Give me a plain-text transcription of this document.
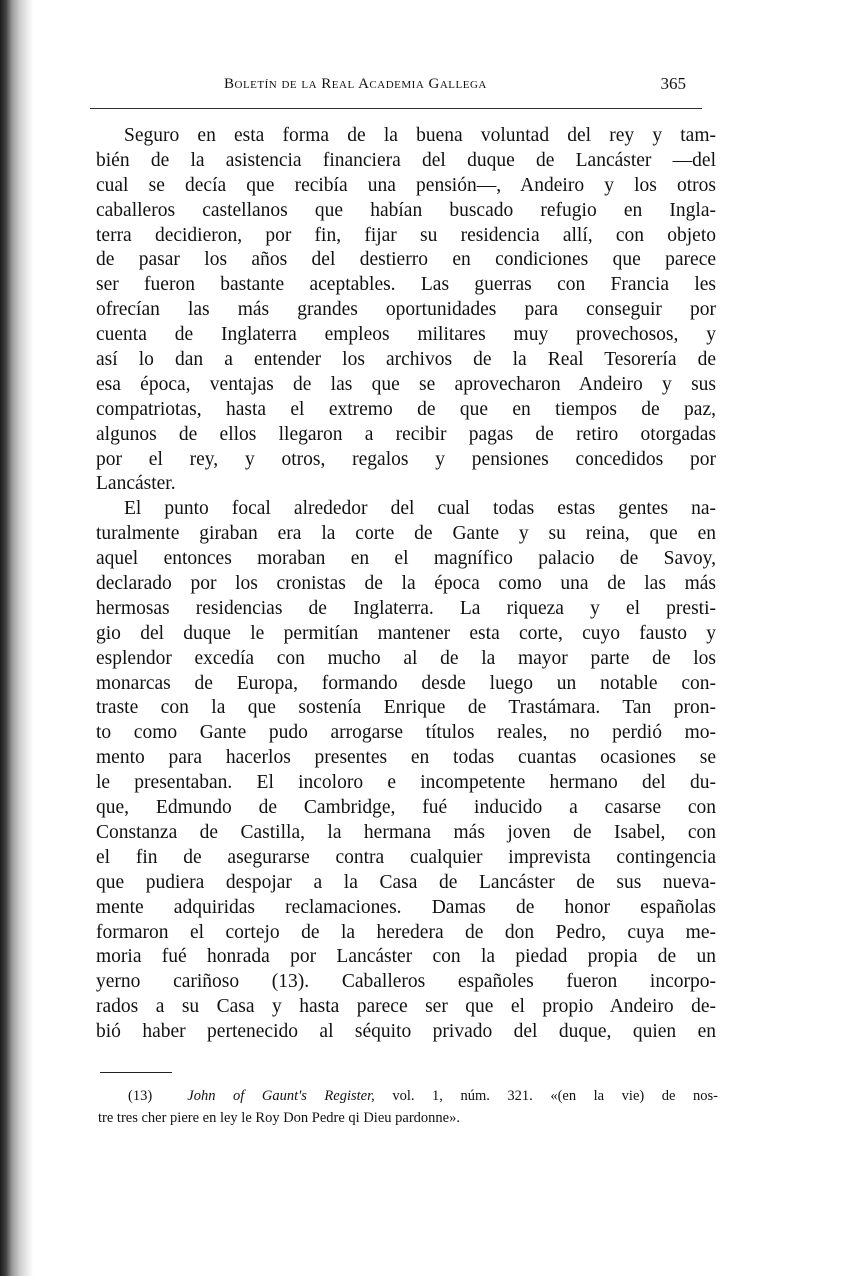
Boletín de la Real Academia Gallega	365
Seguro en esta forma de la buena voluntad del rey y tam-
bién de la asistencia financiera del duque de Lancáster —del
cual se decía que recibía una pensión—, Andeiro y los otros
caballeros castellanos que habían buscado refugio en Ingla-
terra decidieron, por fin, fijar su residencia allí, con objeto
de pasar los años del destierro en condiciones que parece
ser fueron bastante aceptables. Las guerras con Francia les
ofrecían las más grandes oportunidades para conseguir por
cuenta de Inglaterra empleos militares muy provechosos, y
así lo dan a entender los archivos de la Real Tesorería de
esa época, ventajas de las que se aprovecharon Andeiro y sus
compatriotas, hasta el extremo de que en tiempos de paz,
algunos de ellos llegaron a recibir pagas de retiro otorgadas
por el rey, y otros, regalos y pensiones concedidos por
Lancáster.
El punto focal alrededor del cual todas estas gentes na-
turalmente giraban era la corte de Gante y su reina, que en
aquel entonces moraban en el magnífico palacio de Savoy,
declarado por los cronistas de la época como una de las más
hermosas residencias de Inglaterra. La riqueza y el presti-
gio del duque le permitían mantener esta corte, cuyo fausto y
esplendor excedía con mucho al de la mayor parte de los
monarcas de Europa, formando desde luego un notable con-
traste con la que sostenía Enrique de Trastámara. Tan pron-
to como Gante pudo arrogarse títulos reales, no perdió mo-
mento para hacerlos presentes en todas cuantas ocasiones se
le presentaban. El incoloro e incompetente hermano del du-
que, Edmundo de Cambridge, fué inducido a casarse con
Constanza de Castilla, la hermana más joven de Isabel, con
el fin de asegurarse contra cualquier imprevista contingencia
que pudiera despojar a la Casa de Lancáster de sus nueva-
mente adquiridas reclamaciones. Damas de honor españolas
formaron el cortejo de la heredera de don Pedro, cuya me-
moria fué honrada por Lancáster con la piedad propia de un
yerno cariñoso (13). Caballeros españoles fueron incorpo-
rados a su Casa y hasta parece ser que el propio Andeiro de-
bió haber pertenecido al séquito privado del duque, quien en
(13) John of Gaunt's Register, vol. 1, núm. 321. «(en la vie) de nos-
tre tres cher piere en ley le Roy Don Pedre qi Dieu pardonne».
